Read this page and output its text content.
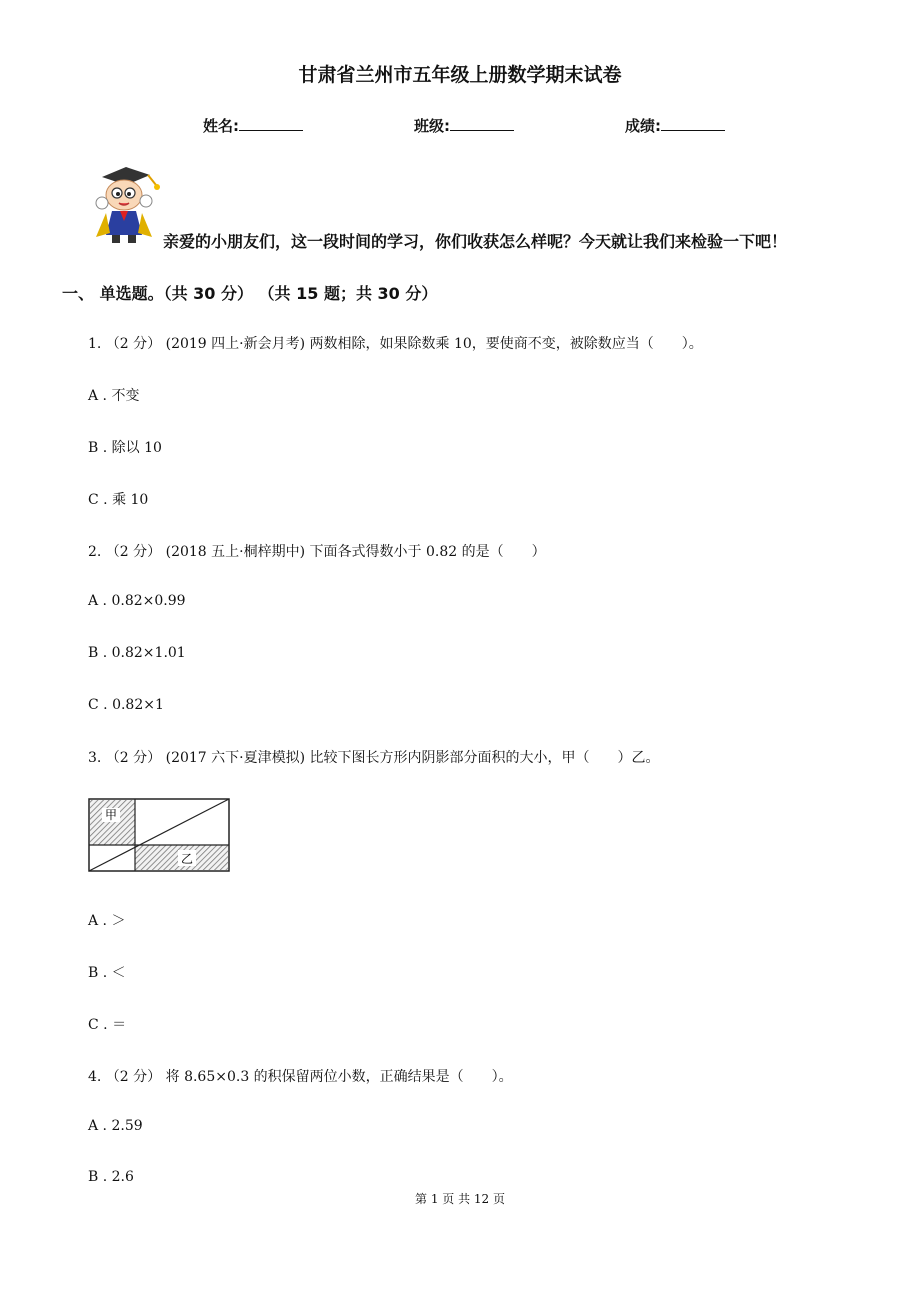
甘肃省兰州市五年级上册数学期末试卷
姓名:	班级:	成绩:
亲爱的小朋友们，这一段时间的学习，你们收获怎么样呢？今天就让我们来检验一下吧！
一、 单选题。（共 30 分） （共 15 题；共 30 分）
1. （2 分） (2019 四上·新会月考) 两数相除，如果除数乘 10，要使商不变，被除数应当（　　）。
A . 不变
B . 除以 10
C . 乘 10
2. （2 分） (2018 五上·桐梓期中) 下面各式得数小于 0.82 的是（　　）
A . 0.82×0.99
B . 0.82×1.01
C . 0.82×1
3. （2 分） (2017 六下·夏津模拟) 比较下图长方形内阴影部分面积的大小，甲（　　）乙。
甲
乙
A . ＞
B . ＜
C . ＝
4. （2 分） 将 8.65×0.3 的积保留两位小数，正确结果是（　　）。
A . 2.59
B . 2.6
第 1 页 共 12 页
